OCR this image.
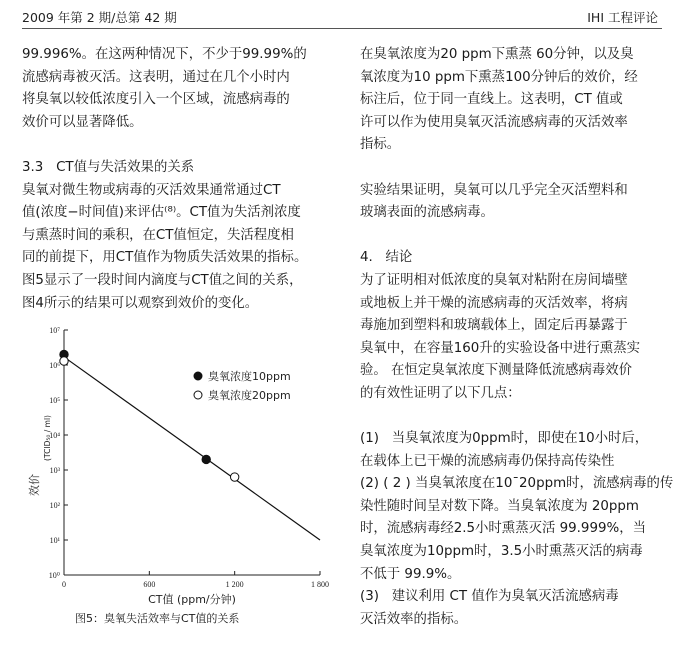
2009 年第 2 期/总第 42 期	IHI 工程评论

99.996%。在这两种情况下，不少于99.99%的

流感病毒被灭活。这表明，通过在几个小时内

将臭氧以较低浓度引入一个区域，流感病毒的

效价可以显著降低。

3.3   CT值与失活效果的关系

臭氧对微生物或病毒的灭活效果通常通过CT

值(浓度−时间值)来评估⁽⁸⁾。CT值为失活剂浓度

与熏蒸时间的乘积，在CT值恒定，失活程度相

同的前提下，用CT值作为物质失活效果的指标。

图5显示了一段时间内滴度与CT值之间的关系，

图4所示的结果可以观察到效价的变化。

在臭氧浓度为20 ppm下熏蒸 60分钟，以及臭

氧浓度为10 ppm下熏蒸100分钟后的效价，经

标注后，位于同一直线上。这表明，CT 值或

许可以作为使用臭氧灭活流感病毒的灭活效率

指标。

实验结果证明，臭氧可以几乎完全灭活塑料和

玻璃表面的流感病毒。

4.   结论

为了证明相对低浓度的臭氧对粘附在房间墙壁

或地板上并干燥的流感病毒的灭活效率，将病

毒施加到塑料和玻璃载体上，固定后再暴露于

臭氧中，在容量160升的实验设备中进行熏蒸实

验。 在恒定臭氧浓度下测量降低流感病毒效价

的有效性证明了以下几点：

(1)   当臭氧浓度为0ppm时，即使在10小时后，

在载体上已干燥的流感病毒仍保持高传染性

(2) ( 2 ) 当臭氧浓度在10¯20ppm时，流感病毒的传

染性随时间呈对数下降。当臭氧浓度为 20ppm

时，流感病毒经2.5小时熏蒸灭活 99.999%，当

臭氧浓度为10ppm时，3.5小时熏蒸灭活的病毒

不低于 99.9%。

(3)   建议利用 CT 值作为臭氧灭活流感病毒

灭活效率的指标。

10⁰
10¹
10²
10³
10⁴
10⁵
10⁶
10⁷
0	600	1 200	1 800
臭氧浓度10ppm
臭氧浓度20ppm
效价
(TCID₅₀ / ml)
CT值 (ppm/分钟)
图5：臭氧失活效率与CT值的关系
